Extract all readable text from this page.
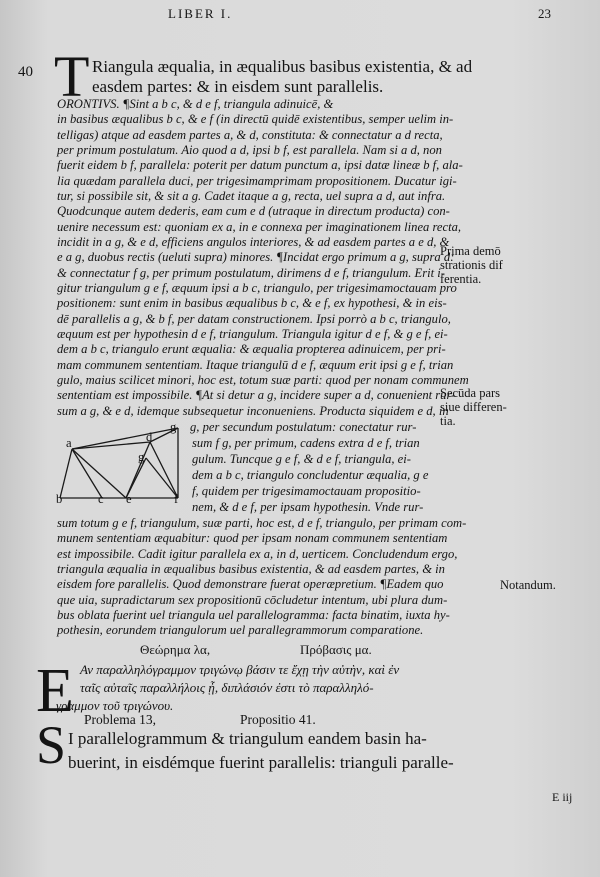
LIBER I.	23
40 T Riangula æqualia, in æqualibus basibus existentia, & ad
easdem partes: & in eisdem sunt parallelis.
ORONTIVS. ¶Sint a b c, & d e f, triangula adinuicē, &
in basibus æqualibus b c, & e f (in directū quidē existentibus, semper uelim in-
telligas) atque ad easdem partes a, & d, constituta: & connectatur a d recta,
per primum postulatum. Aio quod a d, ipsi b f, est parallela. Nam si a d, non
fuerit eidem b f, parallela: poterit per datum punctum a, ipsi datæ lineæ b f, ala-
lia quædam parallela duci, per trigesimamprimam propositionem. Ducatur igi-
tur, si possibile sit, & sit a g. Cadet itaque a g, recta, uel supra a d, aut infra.
Quodcunque autem dederis, eam cum e d (utraque in directum producta) con-
uenire necessum est: quoniam ex a, in e connexa per imaginationem linea recta,
incidit in a g, & e d, efficiens angulos interiores, & ad easdem partes a e d, &
e a g, duobus rectis (ueluti supra) minores. ¶Incidat ergo primum a g, supra d:
& connectatur f g, per primum postulatum, dirimens d e f, triangulum. Erit i-
gitur triangulum g e f, æquum ipsi a b c, triangulo, per trigesimamoctauam pro
positionem: sunt enim in basibus æqualibus b c, & e f, ex hypothesi, & in eis-
dē parallelis a g, & b f, per datam constructionem. Ipsi porrò a b c, triangulo,
æquum est per hypothesin d e f, triangulum. Triangula igitur d e f, & g e f, ei-
dem a b c, triangulo erunt æqualia: & æqualia propterea adinuicem, per pri-
mam communem sententiam. Itaque triangulū d e f, æquum erit ipsi g e f, trian
gulo, maius scilicet minori, hoc est, totum suæ parti: quod per nonam communem
sententiam est impossibile. ¶At si detur a g, incidere super a d, conuenient rur-
sum a g, & e d, idemque subsequetur inconueniens. Producta siquidem e d, in
a	d
g
g
b	c e	f
g, per secundum postulatum: conectatur rur-
sum f g, per primum, cadens extra d e f, trian
gulum. Tuncque g e f, & d e f, triangula, ei-
dem a b c, triangulo concludentur æqualia, g e
f, quidem per trigesimamoctauam propositio-
nem, & d e f, per ipsam hypothesin. Vnde rur-
sum totum g e f, triangulum, suæ parti, hoc est, d e f, triangulo, per primam com-
munem sententiam æquabitur: quod per ipsam nonam communem sententiam
est impossibile. Cadit igitur parallela ex a, in d, uerticem. Concludendum ergo,
triangula æqualia in æqualibus basibus existentia, & ad easdem partes, & in
eisdem fore parallelis. Quod demonstrare fuerat operæpretium. ¶Eadem quo
que uia, supradictarum sex propositionū cōcludetur intentum, ubi plura dum-
bus oblata fuerint uel triangula uel parallelogramma: facta binatim, iuxta hy-
pothesin, eorundem triangulorum uel parallegrammorum comparatione.
Prima demō
strationis dif
ferentia.
Secūda pars
siue differen-
tia.
Notandum.
Θεώρημα λα,	Πρόβασις μα.
E Αν παραλληλόγραμμον τριγώνῳ βάσιν τε ἔχῃ τὴν αὐτὴν, καὶ ἐν
ταῖς αὐταῖς παραλλήλοις ᾖ, διπλάσιόν ἐστι τὸ παραλληλό-
γραμμον τοῦ τριγώνου.
Problema 13,	Propositio 41.
S I parallelogrammum & triangulum eandem basin ha-
buerint, in eisdémque fuerint parallelis: trianguli paralle-
E iij
